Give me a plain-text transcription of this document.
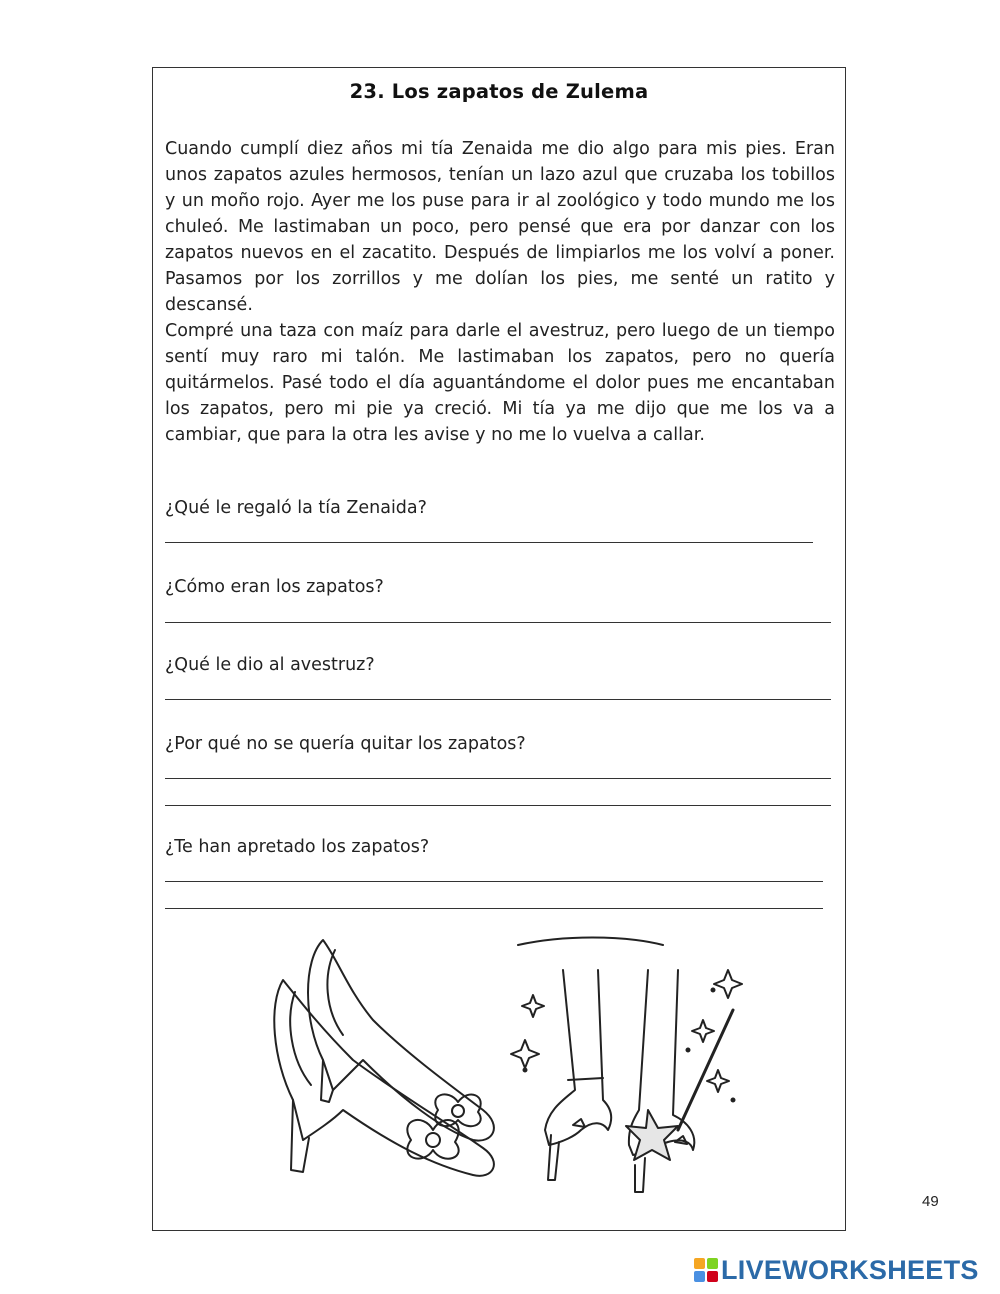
23. Los zapatos de Zulema

Cuando cumplí diez años mi tía Zenaida me dio algo para mis pies. Eran unos zapatos azules hermosos, tenían un lazo azul que cruzaba los tobillos y un moño rojo. Ayer me los puse para ir al zoológico y todo mundo me los chuleó. Me lastimaban un poco, pero pensé que era por danzar con los zapatos nuevos en el zacatito. Después de limpiarlos me los volví a poner. Pasamos por los zorrillos y me dolían los pies, me senté un ratito y descansé.

Compré una taza con maíz para darle el avestruz, pero luego de un tiempo sentí muy raro mi talón. Me lastimaban los zapatos, pero no quería quitármelos. Pasé todo el día aguantándome el dolor pues me encantaban los zapatos, pero mi pie ya creció. Mi tía ya me dijo que me los va a cambiar, que para la otra les avise y no me lo vuelva a callar.

¿Qué le regaló la tía Zenaida?
¿Cómo eran los zapatos?
¿Qué le dio al avestruz?
¿Por qué no se quería quitar los zapatos?
¿Te han apretado los zapatos?
49
LIVEWORKSHEETS
